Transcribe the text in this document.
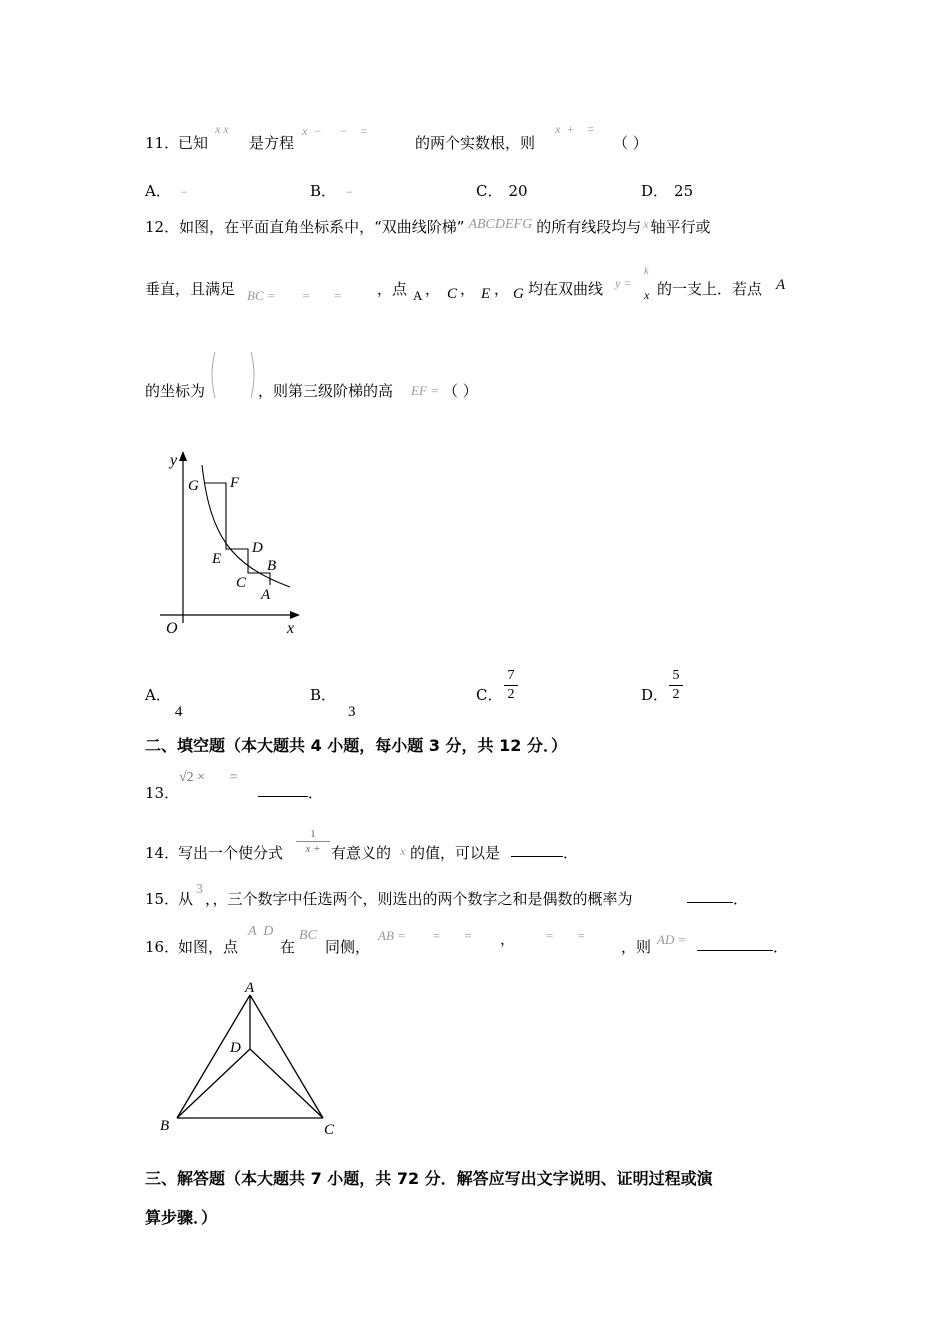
11．
已知
x x
是方程
x  −      −    =
的两个实数根，则
x  +    =
（ ）
A． −	B． −	C． 20	D． 25
12．如图，在平面直角坐标系中，“双曲线阶梯” ABCDEFG 的所有线段均与 $^x$ 轴平行或
垂直，且满足 BC =        =       = ，点 A ， C ， E ， G 均在双曲线 y =
k
x 的一支上．若点 A
的坐标为	，则第三级阶梯的高 EF = （ ）
y
x
O
G F
D
E	B
C
A
A．4
B．3
C．
7
2	D．
5
2
二、填空题（本大题共 4 小题，每小题 3 分，共 12 分．）
13．
√2 ×       =
．
14．
写出一个使分式
1
x + 有意义的 x 的值，可以是	．
15．
从
3
，，三个数字中任选两个，则选出的两个数字之和是偶数的概率为	．
16．
如图，点
A  D
在
BC
同侧，
AB =        =       = ， =       =
，则 AD =	．
A
D
B	C
三、解答题（本大题共 7 小题，共 72 分．解答应写出文字说明、证明过程或演
算步骤．）
